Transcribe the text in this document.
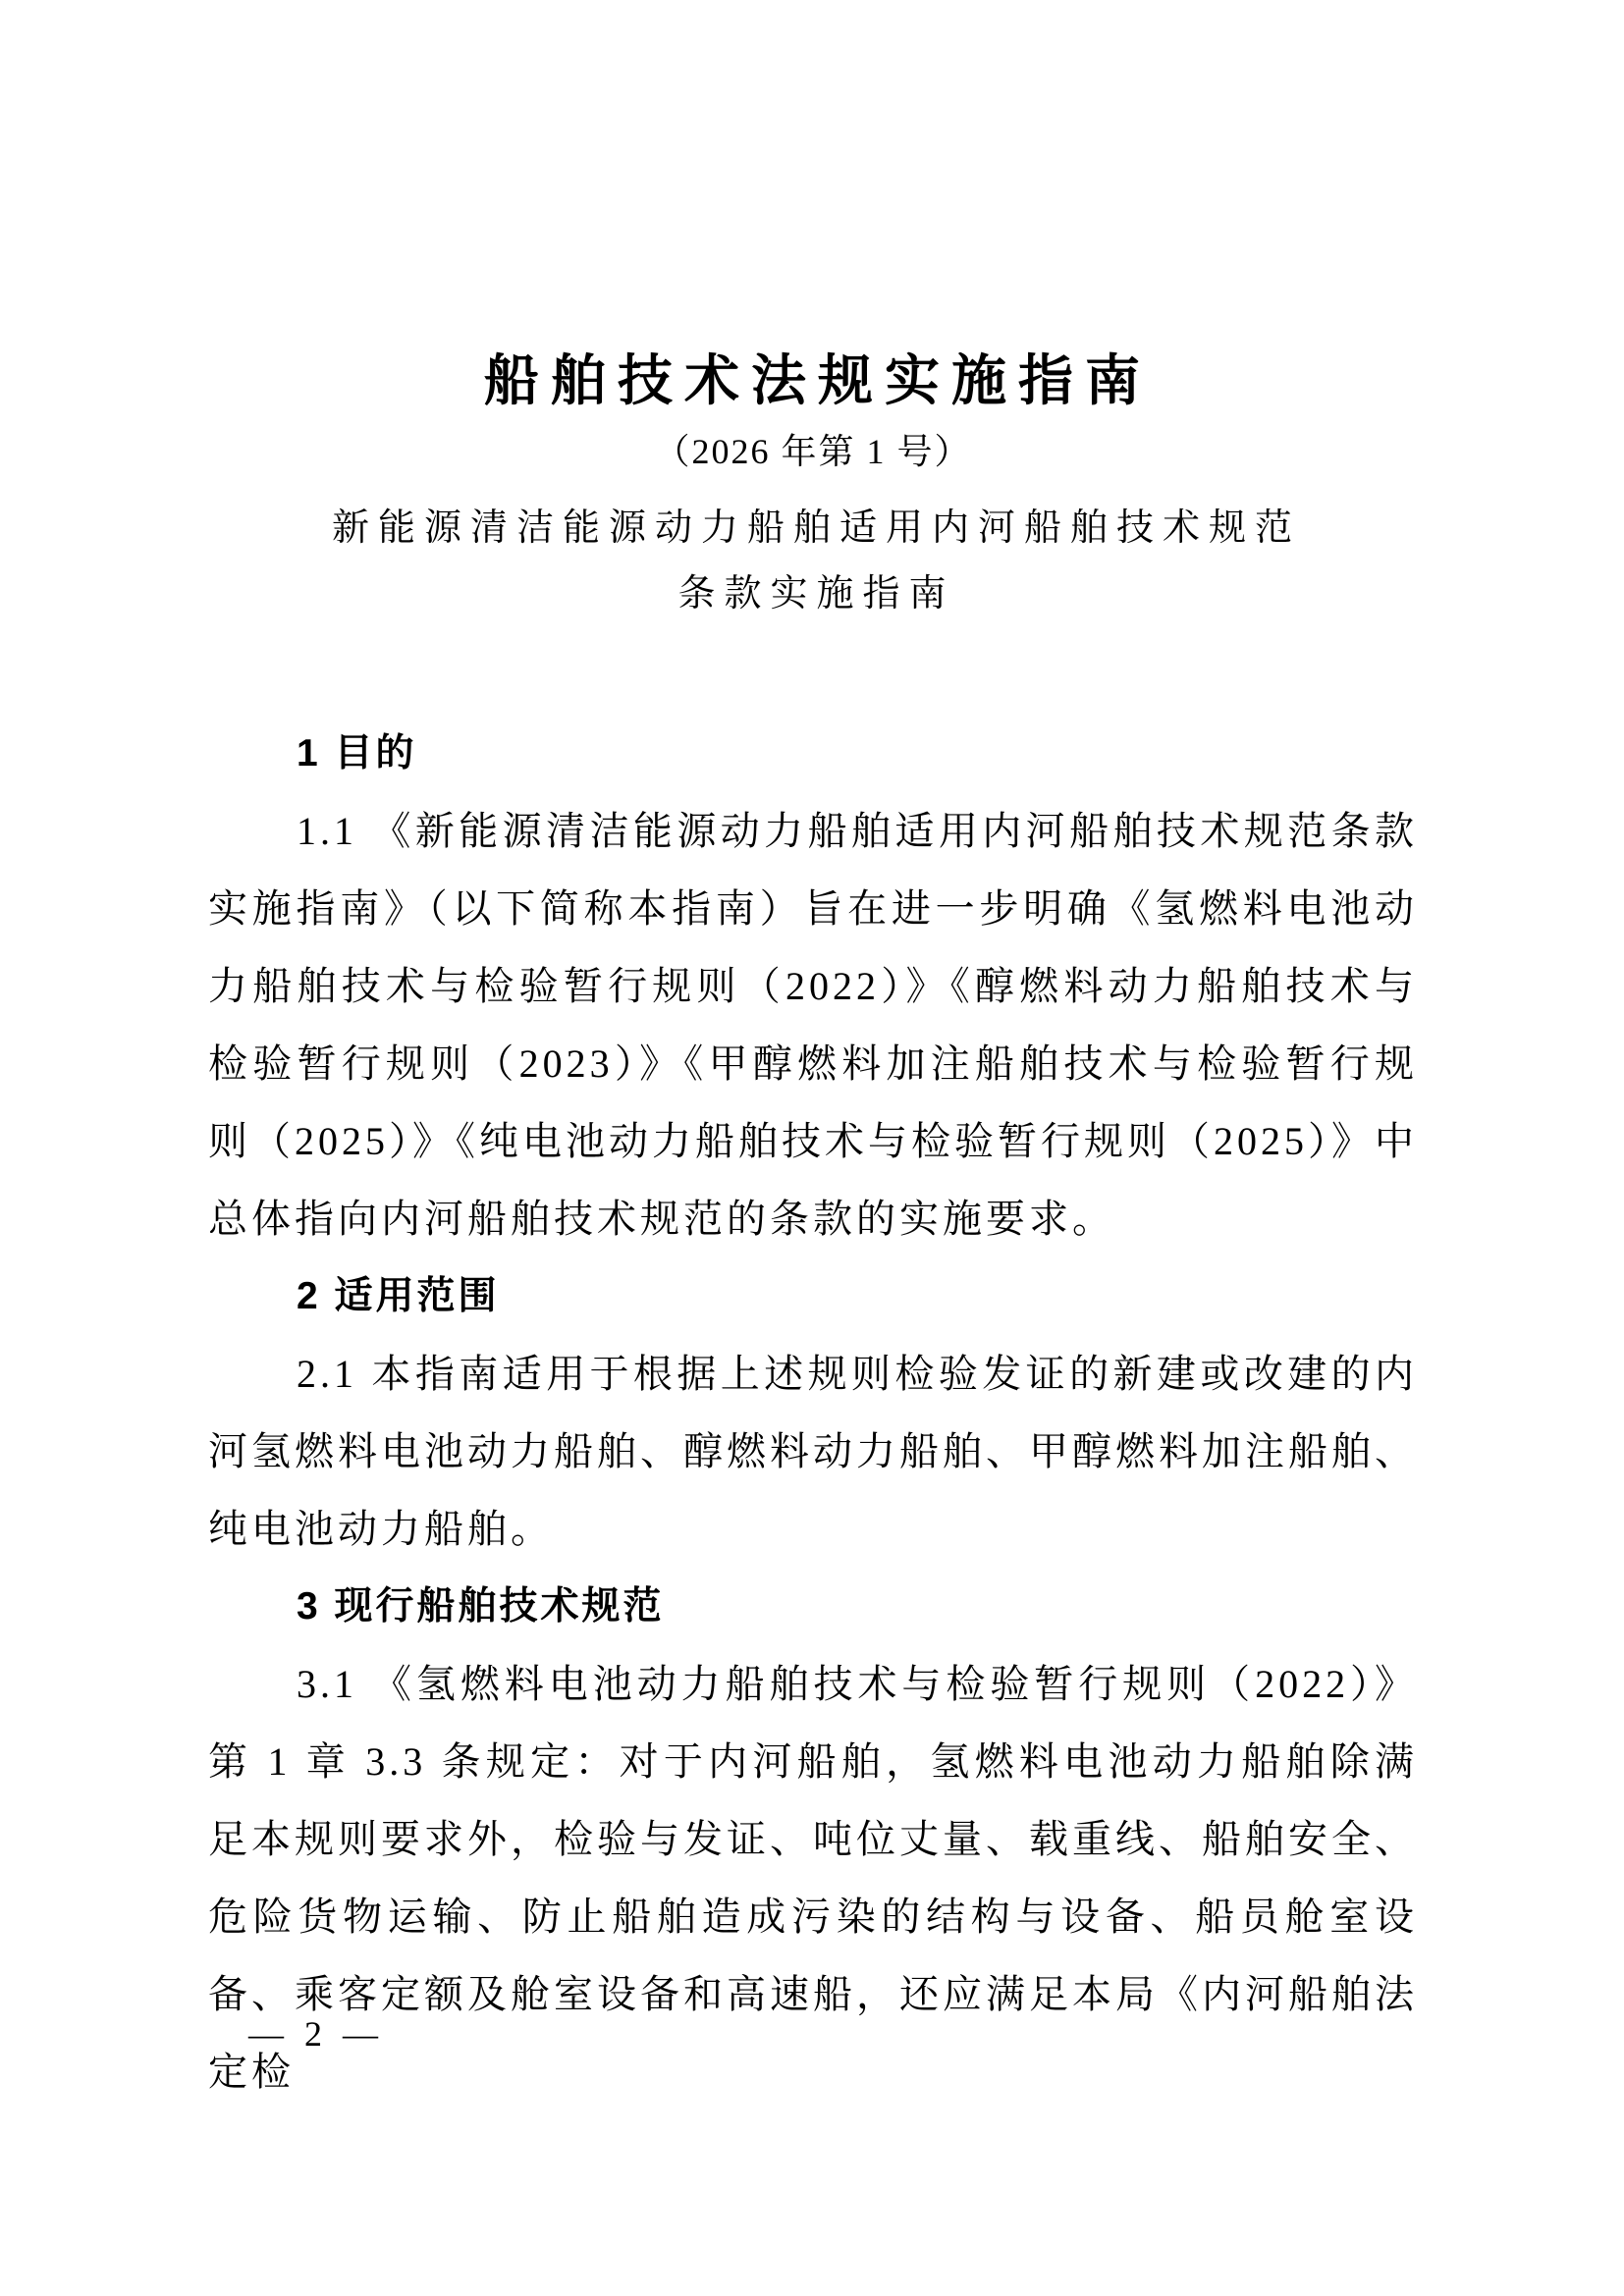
船舶技术法规实施指南
（2026 年第 1 号）
新能源清洁能源动力船舶适用内河船舶技术规范
条款实施指南
1 目的

1.1 《新能源清洁能源动力船舶适用内河船舶技术规范条款实施指南》（以下简称本指南）旨在进一步明确《氢燃料电池动力船舶技术与检验暂行规则（2022）》《醇燃料动力船舶技术与检验暂行规则（2023）》《甲醇燃料加注船舶技术与检验暂行规则（2025）》《纯电池动力船舶技术与检验暂行规则（2025）》中总体指向内河船舶技术规范的条款的实施要求。

2 适用范围

2.1 本指南适用于根据上述规则检验发证的新建或改建的内河氢燃料电池动力船舶、醇燃料动力船舶、甲醇燃料加注船舶、纯电池动力船舶。

3 现行船舶技术规范

3.1 《氢燃料电池动力船舶技术与检验暂行规则（2022）》第 1 章 3.3 条规定：对于内河船舶，氢燃料电池动力船舶除满足本规则要求外，检验与发证、吨位丈量、载重线、船舶安全、危险货物运输、防止船舶造成污染的结构与设备、船员舱室设备、乘客定额及舱室设备和高速船，还应满足本局《内河船舶法定检

— 2 —
